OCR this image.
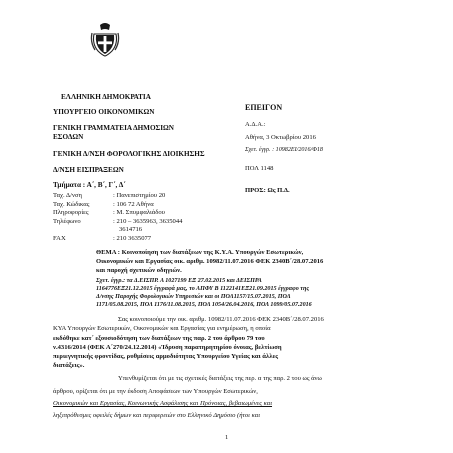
ΕΛΛΗΝΙΚΗ ΔΗΜΟΚΡΑΤΙΑ
ΥΠΟΥΡΓΕΙΟ ΟΙΚΟΝΟΜΙΚΩΝ
ΓΕΝΙΚΗ ΓΡΑΜΜΑΤΕΙΑ ΔΗΜΟΣΙΩΝ
ΕΣΟΔΩΝ
ΓΕΝΙΚΗ Δ/ΝΣΗ ΦΟΡΟΛΟΓΙΚΗΣ ΔΙΟΙΚΗΣΗΣ
Δ/ΝΣΗ ΕΙΣΠΡΑΞΕΩΝ
Τμήματα : Α΄, Β΄, Γ΄, Δ΄
ΕΠΕΙΓΟΝ
Α.Δ.Α.:
Αθήνα, 3 Οκτωβρίου 2016
Σχετ. έγγρ. : 10982ΕΙ/2016/Φ18
ΠΟΛ 1148
ΠΡΟΣ: Ως Π.Δ.
Ταχ. Δ/νση	: Πανεπιστημίου 20
Ταχ. Κώδικας	: 106 72 Αθήνα
Πληροφορίες	: Μ. Σπυμφαλιάδου
Τηλέφωνο	: 210 – 3635963, 3635044
3614716
FAX	: 210 3635077
ΘΕΜΑ : Κοινοποίηση των διατάξεων της Κ.Υ.Α. Υπουργών Εσωτερικών,
Οικονομικών και Εργασίας οικ. αριθμ. 10982/11.07.2016 ΦΕΚ 2340Β΄/28.07.2016
και παροχή σχετικών οδηγιών.
Σχετ. έγγρ.: τα Δ.ΕΙΣΠΡ. Α 1027199 ΕΞ 27.02.2015 και ΔΕΙΣΠΡΑ
1164776ΕΞ21.12.2015 έγγραφά μας, το ΑΠΦΥ Β 1122141ΕΞ21.09.2015 έγγραφο της
Δ/νσης Παροχής Φορολογικών Υπηρεσιών και οι ΠΟΛ1157/15.07.2015, ΠΟΛ
1171/05.08.2015, ΠΟΛ 1176/11.08.2015, ΠΟΛ 1054/26.04.2016, ΠΟΛ 1099/05.07.2016
Σας κοινοποιούμε την οικ. αριθμ. 10982/11.07.2016 ΦΕΚ 2340Β΄/28.07.2016
ΚΥΑ Υπουργών Εσωτερικών, Οικονομικών και Εργασίας για ενημέρωση, η οποία
εκδόθηκε κατ΄ εξουσιοδότηση των διατάξεων της παρ. 2 του άρθρου 79 του
ν.4316/2014 (ΦΕΚ Α΄270/24.12.2014) «Ίδρυση παρατηρητηρίου όνοιας, βελτίωση
περιεγνητικής φροντίδας, ρυθμίσεις αρμοδιότητας Υπουργείου Υγείας και άλλες
διατάξεις».
Υπενθυμίζεται ότι με τις σχετικές διατάξεις της περ. α της παρ. 2 του ως άνω
άρθρου, ορίζεται ότι με την έκδοση Αποφάσεων των Υπουργών Εσωτερικών,
Οικονομικών και Εργασίας, Κοινωνικής Ασφάλισης και Πρόνοιας, βεβαιωμένες και
ληξιπρόθεσμες οφειλές δήμων και περιφερειών στο Ελληνικό Δημόσιο (ήτοι και
1
